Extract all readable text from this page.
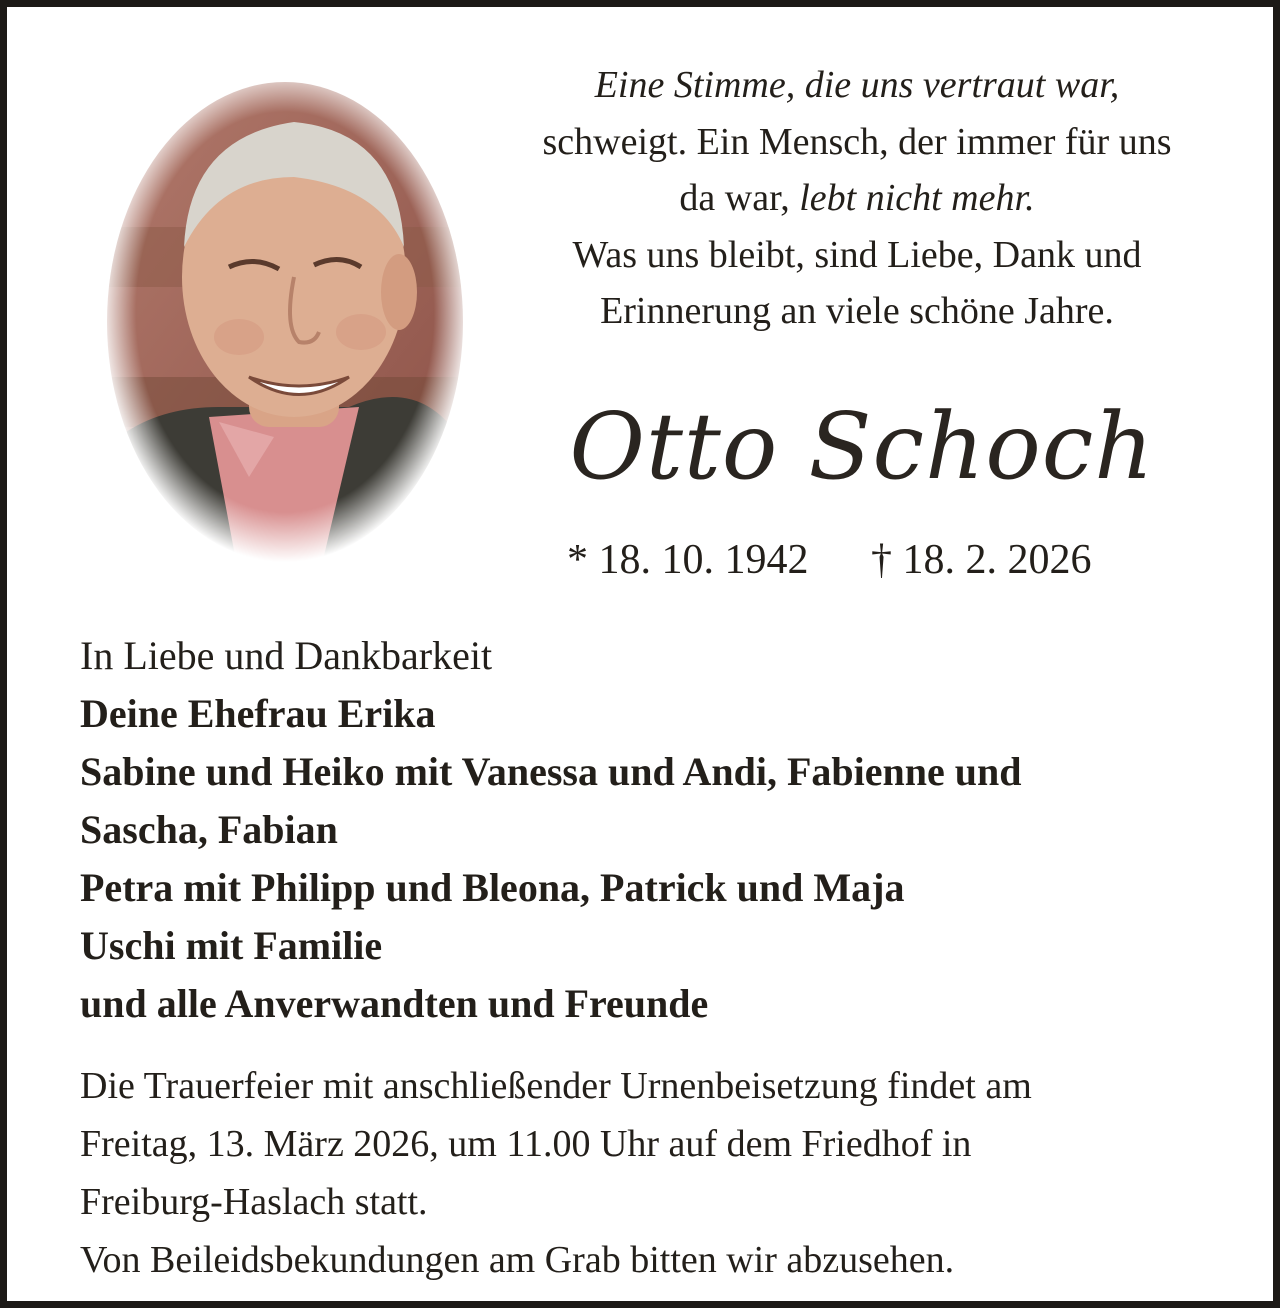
Eine Stimme, die uns vertraut war,
schweigt. Ein Mensch, der immer für uns
da war, lebt nicht mehr.
Was uns bleibt, sind Liebe, Dank und
Erinnerung an viele schöne Jahre.
Otto Schoch
* 18. 10. 1942 † 18. 2. 2026
In Liebe und Dankbarkeit
Deine Ehefrau Erika
Sabine und Heiko mit Vanessa und Andi, Fabienne und
Sascha, Fabian
Petra mit Philipp und Bleona, Patrick und Maja
Uschi mit Familie
und alle Anverwandten und Freunde
Die Trauerfeier mit anschließender Urnenbeisetzung findet am
Freitag, 13. März 2026, um 11.00 Uhr auf dem Friedhof in
Freiburg-Haslach statt.
Von Beileidsbekundungen am Grab bitten wir abzusehen.
